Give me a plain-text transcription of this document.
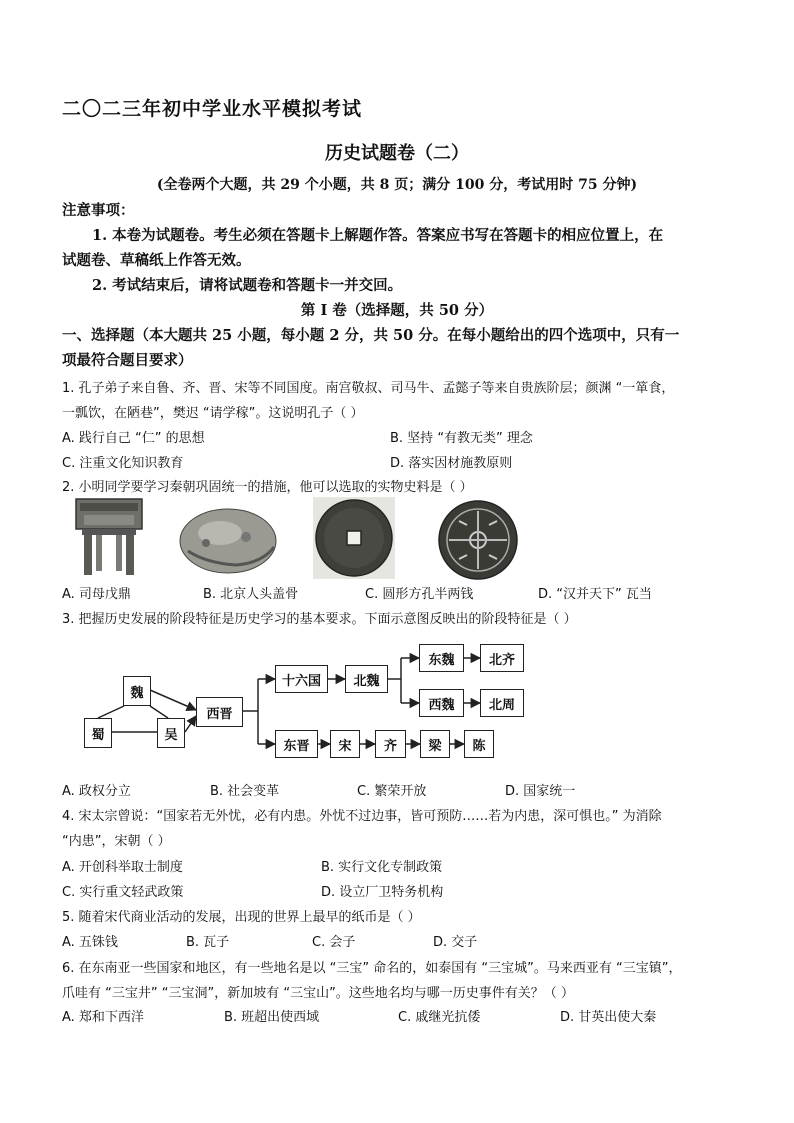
二〇二三年初中学业水平模拟考试
历史试题卷（二）
(全卷两个大题，共 29 个小题，共 8 页；满分 100 分，考试用时 75 分钟)
注意事项：
1. 本卷为试题卷。考生必须在答题卡上解题作答。答案应书写在答题卡的相应位置上，在
试题卷、草稿纸上作答无效。
2. 考试结束后，请将试题卷和答题卡一并交回。
第 Ⅰ 卷（选择题，共 50 分）
一、选择题（本大题共 25 小题，每小题 2 分，共 50 分。在每小题给出的四个选项中，只有一
项最符合题目要求）
1. 孔子弟子来自鲁、齐、晋、宋等不同国度。南宫敬叔、司马牛、孟懿子等来自贵族阶层；颜渊 “一箪食，
一瓢饮，在陋巷”，樊迟 “请学稼”。这说明孔子（ ）
A. 践行自己 “仁” 的思想	B. 坚持 “有教无类” 理念
C. 注重文化知识教育	D. 落实因材施教原则
2. 小明同学要学习秦朝巩固统一的措施，他可以选取的实物史料是（ ）
A. 司母戊鼎	B. 北京人头盖骨	C. 圆形方孔半两钱	D. “汉并天下” 瓦当
3. 把握历史发展的阶段特征是历史学习的基本要求。下面示意图反映出的阶段特征是（ ）
魏
蜀	吴
西晋
十六国	北魏
东魏	北齐
西魏	北周
东晋	宋	齐	梁	陈
A. 政权分立	B. 社会变革	C. 繁荣开放	D. 国家统一
4. 宋太宗曾说：“国家若无外忧，必有内患。外忧不过边事，皆可预防……若为内患，深可惧也。” 为消除
“内患”，宋朝（ ）
A. 开创科举取士制度	B. 实行文化专制政策
C. 实行重文轻武政策	D. 设立厂卫特务机构
5. 随着宋代商业活动的发展，出现的世界上最早的纸币是（ ）
A. 五铢钱	B. 瓦子	C. 会子	D. 交子
6. 在东南亚一些国家和地区，有一些地名是以 “三宝” 命名的，如泰国有 “三宝城”。马来西亚有 “三宝镇”，
爪哇有 “三宝井” “三宝洞”，新加坡有 “三宝山”。这些地名均与哪一历史事件有关？（ ）
A. 郑和下西洋	B. 班超出使西域	C. 戚继光抗倭	D. 甘英出使大秦
